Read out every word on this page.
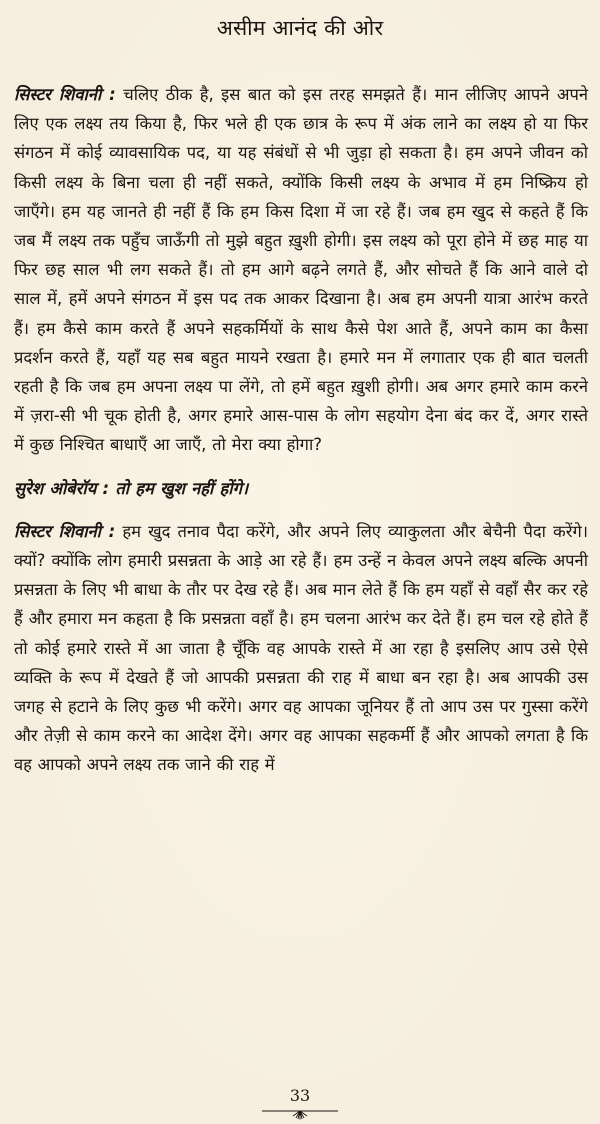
असीम आनंद की ओर

सिस्टर शिवानी : चलिए ठीक है, इस बात को इस तरह समझते हैं। मान लीजिए आपने अपने लिए एक लक्ष्य तय किया है, फिर भले ही एक छात्र के रूप में अंक लाने का लक्ष्य हो या फिर संगठन में कोई व्यावसायिक पद, या यह संबंधों से भी जुड़ा हो सकता है। हम अपने जीवन को किसी लक्ष्य के बिना चला ही नहीं सकते, क्योंकि किसी लक्ष्य के अभाव में हम निष्क्रिय हो जाएँगे। हम यह जानते ही नहीं हैं कि हम किस दिशा में जा रहे हैं। जब हम खुद से कहते हैं कि जब मैं लक्ष्य तक पहुँच जाऊँगी तो मुझे बहुत ख़ुशी होगी। इस लक्ष्य को पूरा होने में छह माह या फिर छह साल भी लग सकते हैं। तो हम आगे बढ़ने लगते हैं, और सोचते हैं कि आने वाले दो साल में, हमें अपने संगठन में इस पद तक आकर दिखाना है। अब हम अपनी यात्रा आरंभ करते हैं। हम कैसे काम करते हैं अपने सहकर्मियों के साथ कैसे पेश आते हैं, अपने काम का कैसा प्रदर्शन करते हैं, यहाँ यह सब बहुत मायने रखता है। हमारे मन में लगातार एक ही बात चलती रहती है कि जब हम अपना लक्ष्य पा लेंगे, तो हमें बहुत ख़ुशी होगी। अब अगर हमारे काम करने में ज़रा-सी भी चूक होती है, अगर हमारे आस-पास के लोग सहयोग देना बंद कर दें, अगर रास्ते में कुछ निश्चित बाधाएँ आ जाएँ, तो मेरा क्या होगा?

सुरेश ओबेरॉय : तो हम खुश नहीं होंगे।

सिस्टर शिवानी : हम खुद तनाव पैदा करेंगे, और अपने लिए व्याकुलता और बेचैनी पैदा करेंगे। क्यों? क्योंकि लोग हमारी प्रसन्नता के आड़े आ रहे हैं। हम उन्हें न केवल अपने लक्ष्य बल्कि अपनी प्रसन्नता के लिए भी बाधा के तौर पर देख रहे हैं। अब मान लेते हैं कि हम यहाँ से वहाँ सैर कर रहे हैं और हमारा मन कहता है कि प्रसन्नता वहाँ है। हम चलना आरंभ कर देते हैं। हम चल रहे होते हैं तो कोई हमारे रास्ते में आ जाता है चूँकि वह आपके रास्ते में आ रहा है इसलिए आप उसे ऐसे व्यक्ति के रूप में देखते हैं जो आपकी प्रसन्नता की राह में बाधा बन रहा है। अब आपकी उस जगह से हटाने के लिए कुछ भी करेंगे। अगर वह आपका जूनियर हैं तो आप उस पर गुस्सा करेंगे और तेज़ी से काम करने का आदेश देंगे। अगर वह आपका सहकर्मी हैं और आपको लगता है कि वह आपको अपने लक्ष्य तक जाने की राह में

33
